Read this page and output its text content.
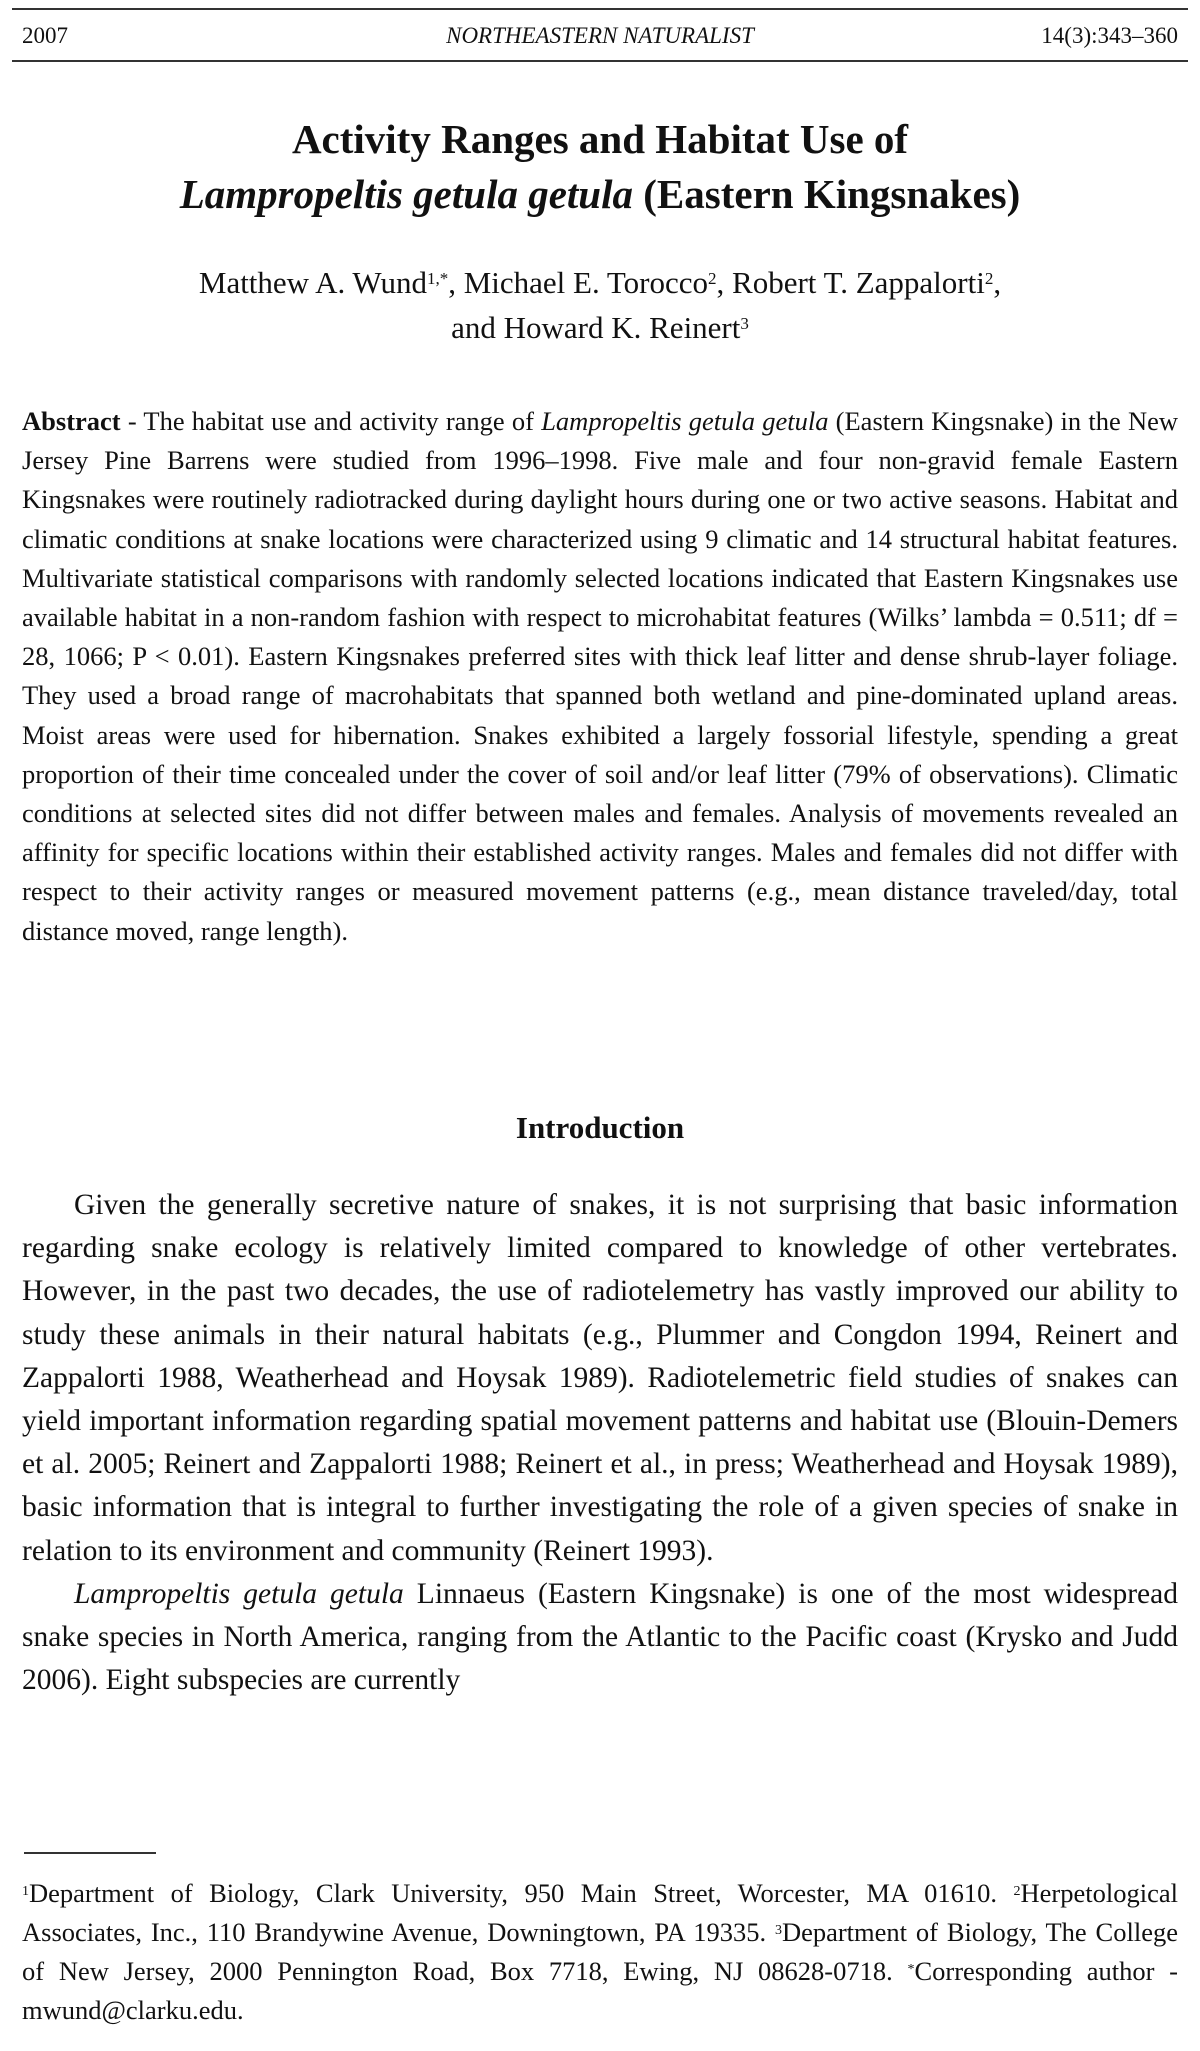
2007	NORTHEASTERN NATURALIST	14(3):343–360
Activity Ranges and Habitat Use of
Lampropeltis getula getula (Eastern Kingsnakes)
Matthew A. Wund$^{1,*}$, Michael E. Torocco$^2$, Robert T. Zappalorti$^2$,
and Howard K. Reinert$^3$
Abstract - The habitat use and activity range of Lampropeltis getula getula (Eastern Kingsnake) in the New Jersey Pine Barrens were studied from 1996–1998. Five male and four non-gravid female Eastern Kingsnakes were routinely radiotracked during daylight hours during one or two active seasons. Habitat and climatic conditions at snake locations were characterized using 9 climatic and 14 structural habitat features. Multivariate statistical comparisons with randomly selected locations indicated that Eastern Kingsnakes use available habitat in a non-random fashion with respect to microhabitat features (Wilks’ lambda = 0.511; df = 28, 1066; P < 0.01). Eastern Kingsnakes preferred sites with thick leaf litter and dense shrub-layer foliage. They used a broad range of macrohabitats that spanned both wetland and pine-dominated upland areas. Moist areas were used for hibernation. Snakes exhibited a largely fossorial lifestyle, spending a great proportion of their time concealed under the cover of soil and/or leaf litter (79% of observations). Climatic conditions at selected sites did not differ between males and females. Analysis of movements revealed an affinity for specific locations within their established activity ranges. Males and females did not differ with respect to their activity ranges or measured movement patterns (e.g., mean distance traveled/day, total distance moved, range length).
Introduction

Given the generally secretive nature of snakes, it is not surprising that basic information regarding snake ecology is relatively limited compared to knowledge of other vertebrates. However, in the past two decades, the use of radiotelemetry has vastly improved our ability to study these animals in their natural habitats (e.g., Plummer and Congdon 1994, Reinert and Zappalorti 1988, Weatherhead and Hoysak 1989). Radiotelemetric field studies of snakes can yield important information regarding spatial movement patterns and habitat use (Blouin-Demers et al. 2005; Reinert and Zappalorti 1988; Reinert et al., in press; Weatherhead and Hoysak 1989), basic information that is integral to further investigating the role of a given species of snake in relation to its environment and community (Reinert 1993).

Lampropeltis getula getula Linnaeus (Eastern Kingsnake) is one of the most widespread snake species in North America, ranging from the Atlantic to the Pacific coast (Krysko and Judd 2006). Eight subspecies are currently

$^1$Department of Biology, Clark University, 950 Main Street, Worcester, MA 01610. $^2$Herpetological Associates, Inc., 110 Brandywine Avenue, Downingtown, PA 19335. $^3$Department of Biology, The College of New Jersey, 2000 Pennington Road, Box 7718, Ewing, NJ 08628-0718. *Corresponding author - mwund@clarku.edu.
